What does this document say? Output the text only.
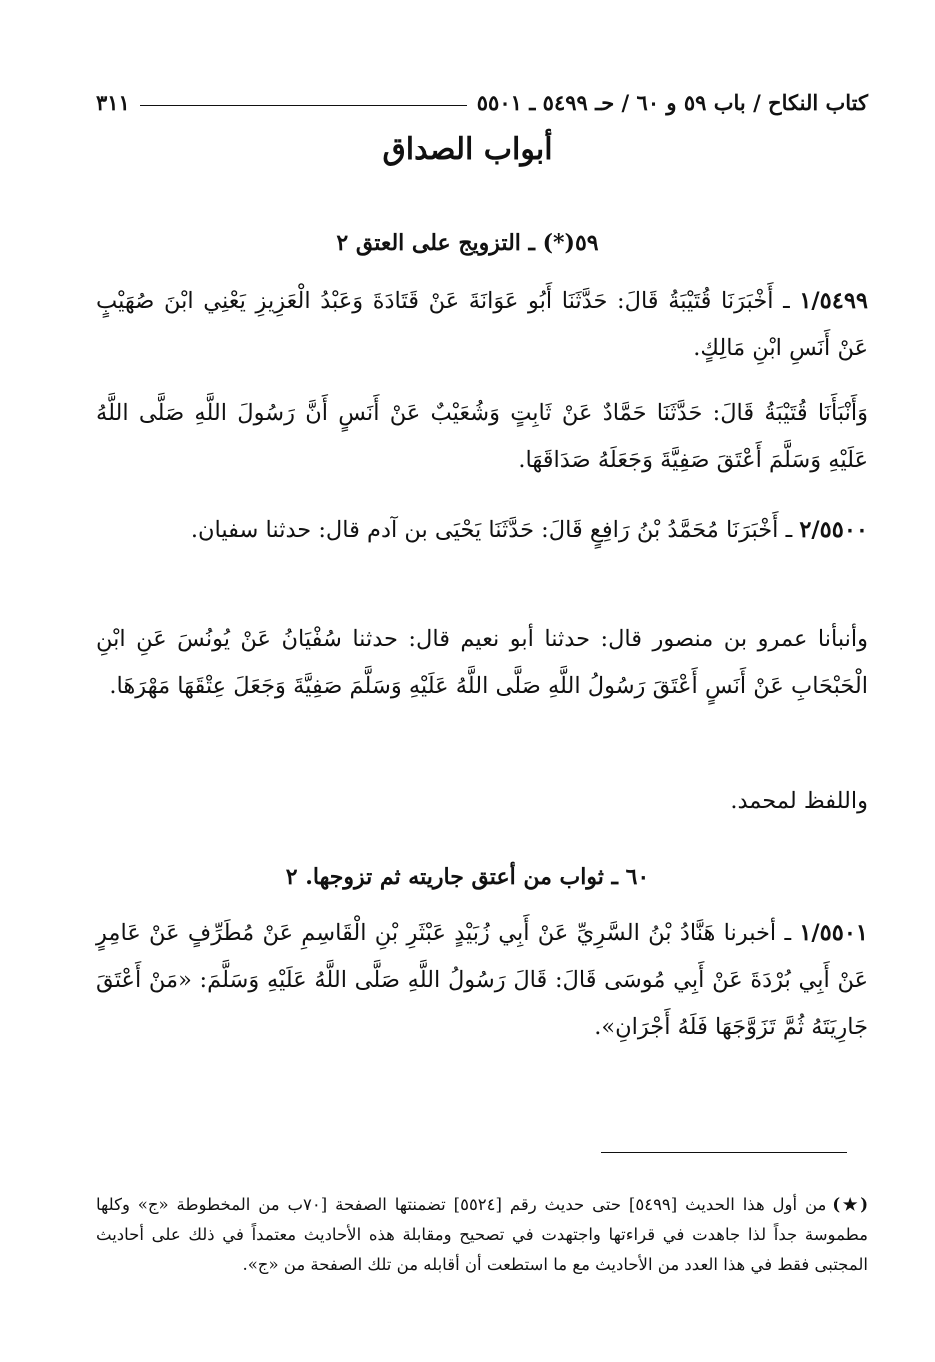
كتاب النكاح / باب ٥٩ و ٦٠ / حـ ٥٤٩٩ ـ ٥٥٠١
٣١١
أبواب الصداق
٥٩(*) ـ التزويج على العتق ٢
١/٥٤٩٩ ـ أَخْبَرَنَا قُتَيْبَةُ قَالَ: حَدَّثَنَا أَبُو عَوَانَةَ عَنْ قَتَادَةَ وَعَبْدُ الْعَزِيزِ يَعْنِي ابْنَ صُهَيْبٍ عَنْ أَنَسِ ابْنِ مَالِكٍ.
وَأَنْبَأَنَا قُتَيْبَةُ قَالَ: حَدَّثَنَا حَمَّادٌ عَنْ ثَابِتٍ وَشُعَيْبٌ عَنْ أَنَسٍ أَنَّ رَسُولَ اللَّهِ صَلَّى اللَّهُ عَلَيْهِ وَسَلَّمَ أَعْتَقَ صَفِيَّةَ وَجَعَلَهُ صَدَاقَهَا.
٢/٥٥٠٠ ـ أَخْبَرَنَا مُحَمَّدُ بْنُ رَافِعٍ قَالَ: حَدَّثَنَا يَحْيَى بن آدم قال: حدثنا سفيان.
وأنبأنا عمرو بن منصور قال: حدثنا أبو نعيم قال: حدثنا سُفْيَانُ عَنْ يُونُسَ عَنِ ابْنِ الْحَبْحَابِ عَنْ أَنَسٍ أَعْتَقَ رَسُولُ اللَّهِ صَلَّى اللَّهُ عَلَيْهِ وَسَلَّمَ صَفِيَّةَ وَجَعَلَ عِتْقَهَا مَهْرَهَا.
واللفظ لمحمد.
٦٠ ـ ثواب من أعتق جاريته ثم تزوجها. ٢
١/٥٥٠١ ـ أخبرنا هَنَّادُ بْنُ السَّرِيِّ عَنْ أَبِي زُبَيْدٍ عَبْثَرِ بْنِ الْقَاسِمِ عَنْ مُطَرِّفٍ عَنْ عَامِرٍ عَنْ أَبِي بُرْدَةَ عَنْ أَبِي مُوسَى قَالَ: قَالَ رَسُولُ اللَّهِ صَلَّى اللَّهُ عَلَيْهِ وَسَلَّمَ: «مَنْ أَعْتَقَ جَارِيَتَهُ ثُمَّ تَزَوَّجَهَا فَلَهُ أَجْرَانِ».
(★)من أول هذا الحديث [٥٤٩٩] حتى حديث رقم [٥٥٢٤] تضمنتها الصفحة [٧٠ب من المخطوطة «ج» وكلها مطموسة جداً لذا جاهدت في قراءتها واجتهدت في تصحيح ومقابلة هذه الأحاديث معتمداً في ذلك على أحاديث المجتبى فقط في هذا العدد من الأحاديث مع ما استطعت أن أقابله من تلك الصفحة من «ج».
